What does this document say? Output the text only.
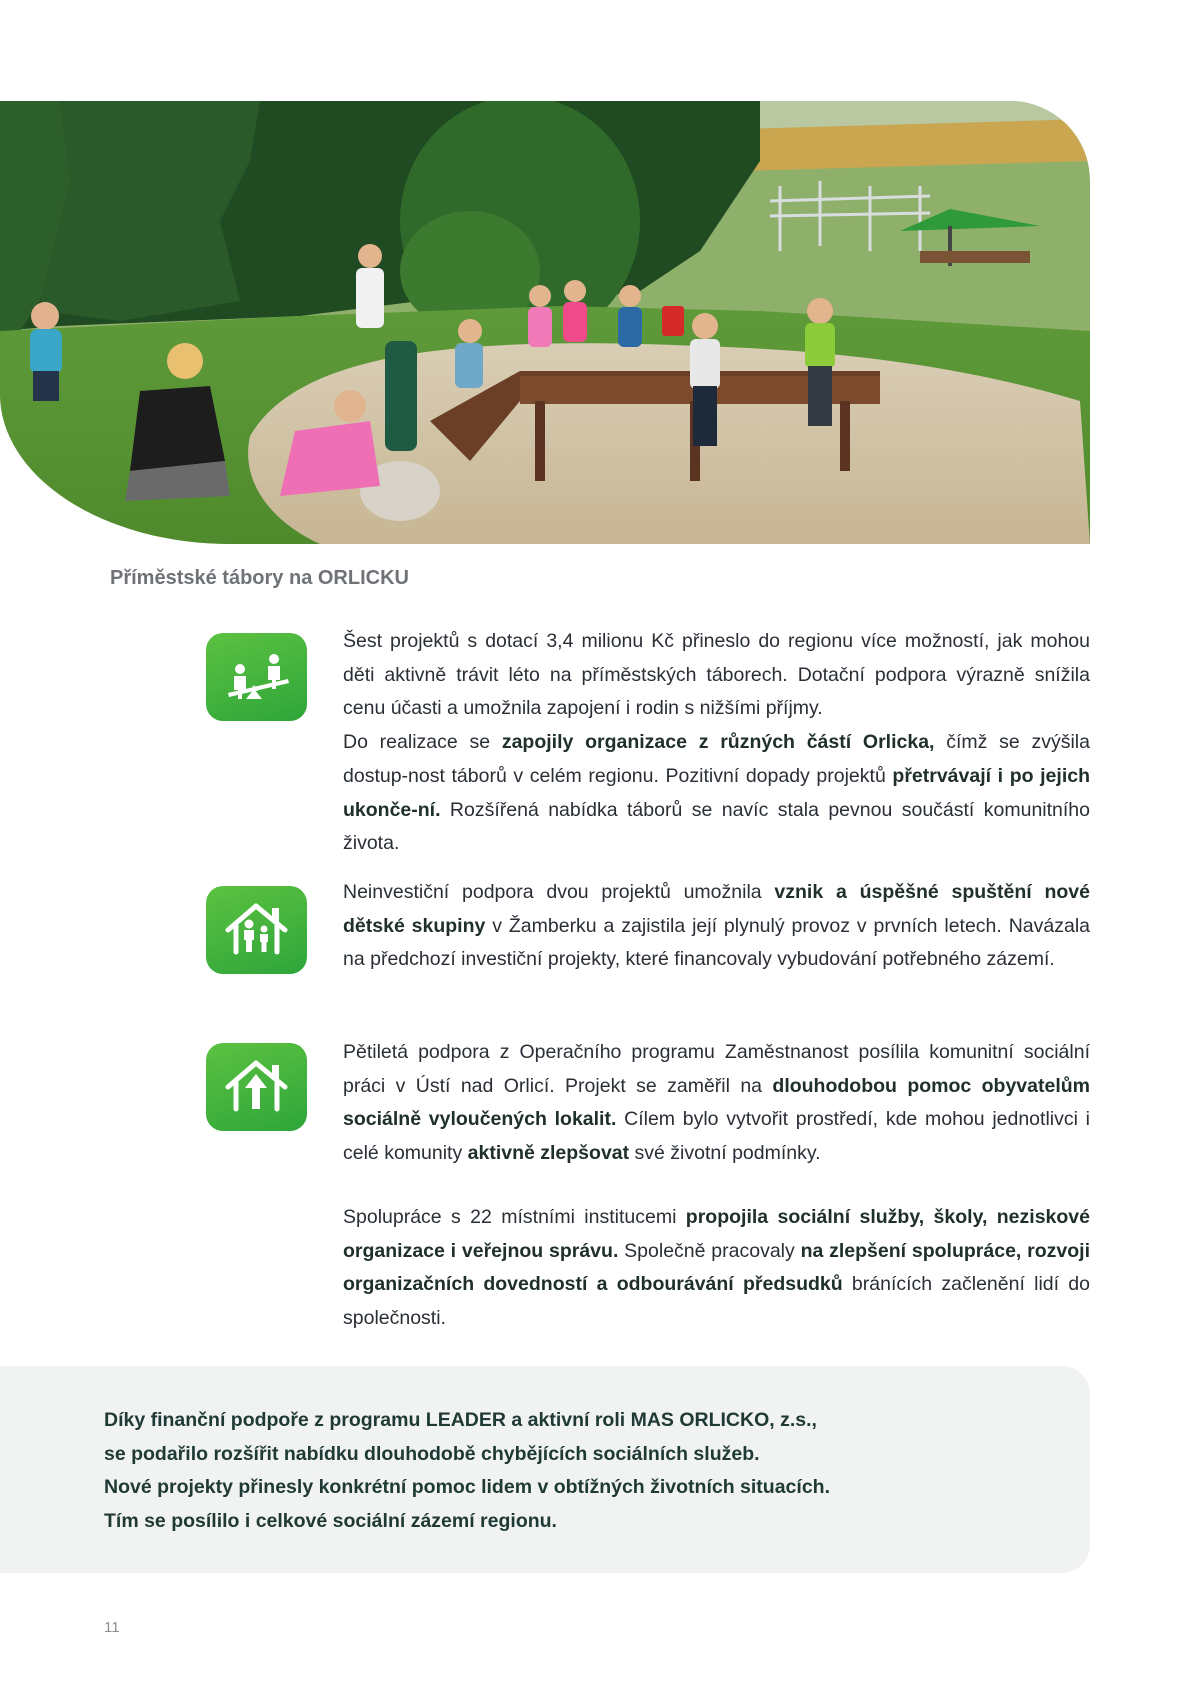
Příměstské tábory na ORLICKU

Šest projektů s dotací 3,4 milionu Kč přineslo do regionu více možností, jak mohou děti aktivně trávit léto na příměstských táborech. Dotační podpora výrazně snížila cenu účasti a umožnila zapojení i rodin s nižšími příjmy.

Do realizace se zapojily organizace z různých částí Orlicka, čímž se zvýšila dostup-nost táborů v celém regionu. Pozitivní dopady projektů přetrvávají i po jejich ukonče-ní. Rozšířená nabídka táborů se navíc stala pevnou součástí komunitního života.

Neinvestiční podpora dvou projektů umožnila vznik a úspěšné spuštění nové dětské skupiny v Žamberku a zajistila její plynulý provoz v prvních letech. Navázala na předchozí investiční projekty, které financovaly vybudování potřebného zázemí.

Pětiletá podpora z Operačního programu Zaměstnanost posílila komunitní sociální práci v Ústí nad Orlicí. Projekt se zaměřil na dlouhodobou pomoc obyvatelům sociálně vyloučených lokalit. Cílem bylo vytvořit prostředí, kde mohou jednotlivci i celé komunity aktivně zlepšovat své životní podmínky.

Spolupráce s 22 místními institucemi propojila sociální služby, školy, neziskové organizace i veřejnou správu. Společně pracovaly na zlepšení spolupráce, rozvoji organizačních dovedností a odbourávání předsudků bránících začlenění lidí do společnosti.

Díky finanční podpoře z programu LEADER a aktivní roli MAS ORLICKO, z.s.,
se podařilo rozšířit nabídku dlouhodobě chybějících sociálních služeb.
Nové projekty přinesly konkrétní pomoc lidem v obtížných životních situacích.
Tím se posílilo i celkové sociální zázemí regionu.

11
